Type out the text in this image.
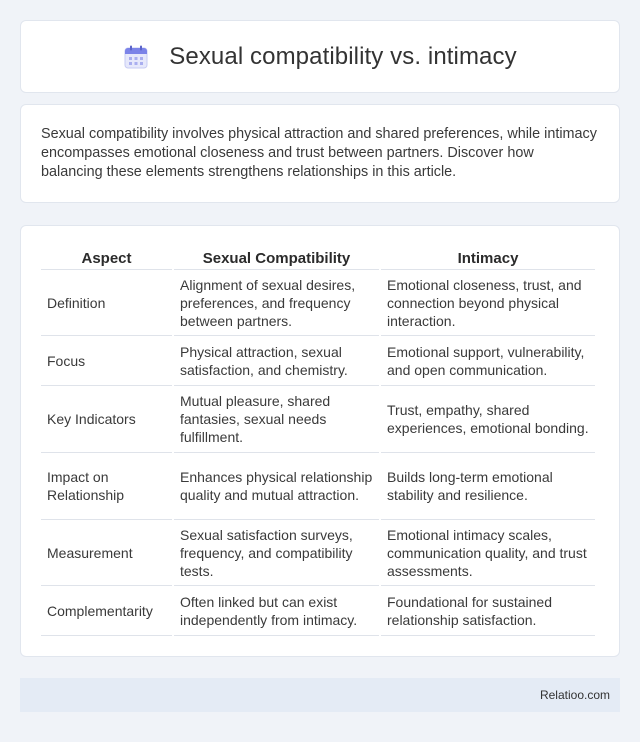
Sexual compatibility vs. intimacy

Sexual compatibility involves physical attraction and shared preferences, while intimacy encompasses emotional closeness and trust between partners. Discover how balancing these elements strengthens relationships in this article.

Aspect	Sexual Compatibility	Intimacy
Definition	Alignment of sexual desires, preferences, and frequency between partners.	Emotional closeness, trust, and connection beyond physical interaction.
Focus	Physical attraction, sexual satisfaction, and chemistry.	Emotional support, vulnerability, and open communication.
Key Indicators	Mutual pleasure, shared fantasies, sexual needs fulfillment.	Trust, empathy, shared experiences, emotional bonding.
Impact on Relationship	Enhances physical relationship quality and mutual attraction.	Builds long-term emotional stability and resilience.
Measurement	Sexual satisfaction surveys, frequency, and compatibility tests.	Emotional intimacy scales, communication quality, and trust assessments.
Complementarity	Often linked but can exist independently from intimacy.	Foundational for sustained relationship satisfaction.
Relatioo.com
